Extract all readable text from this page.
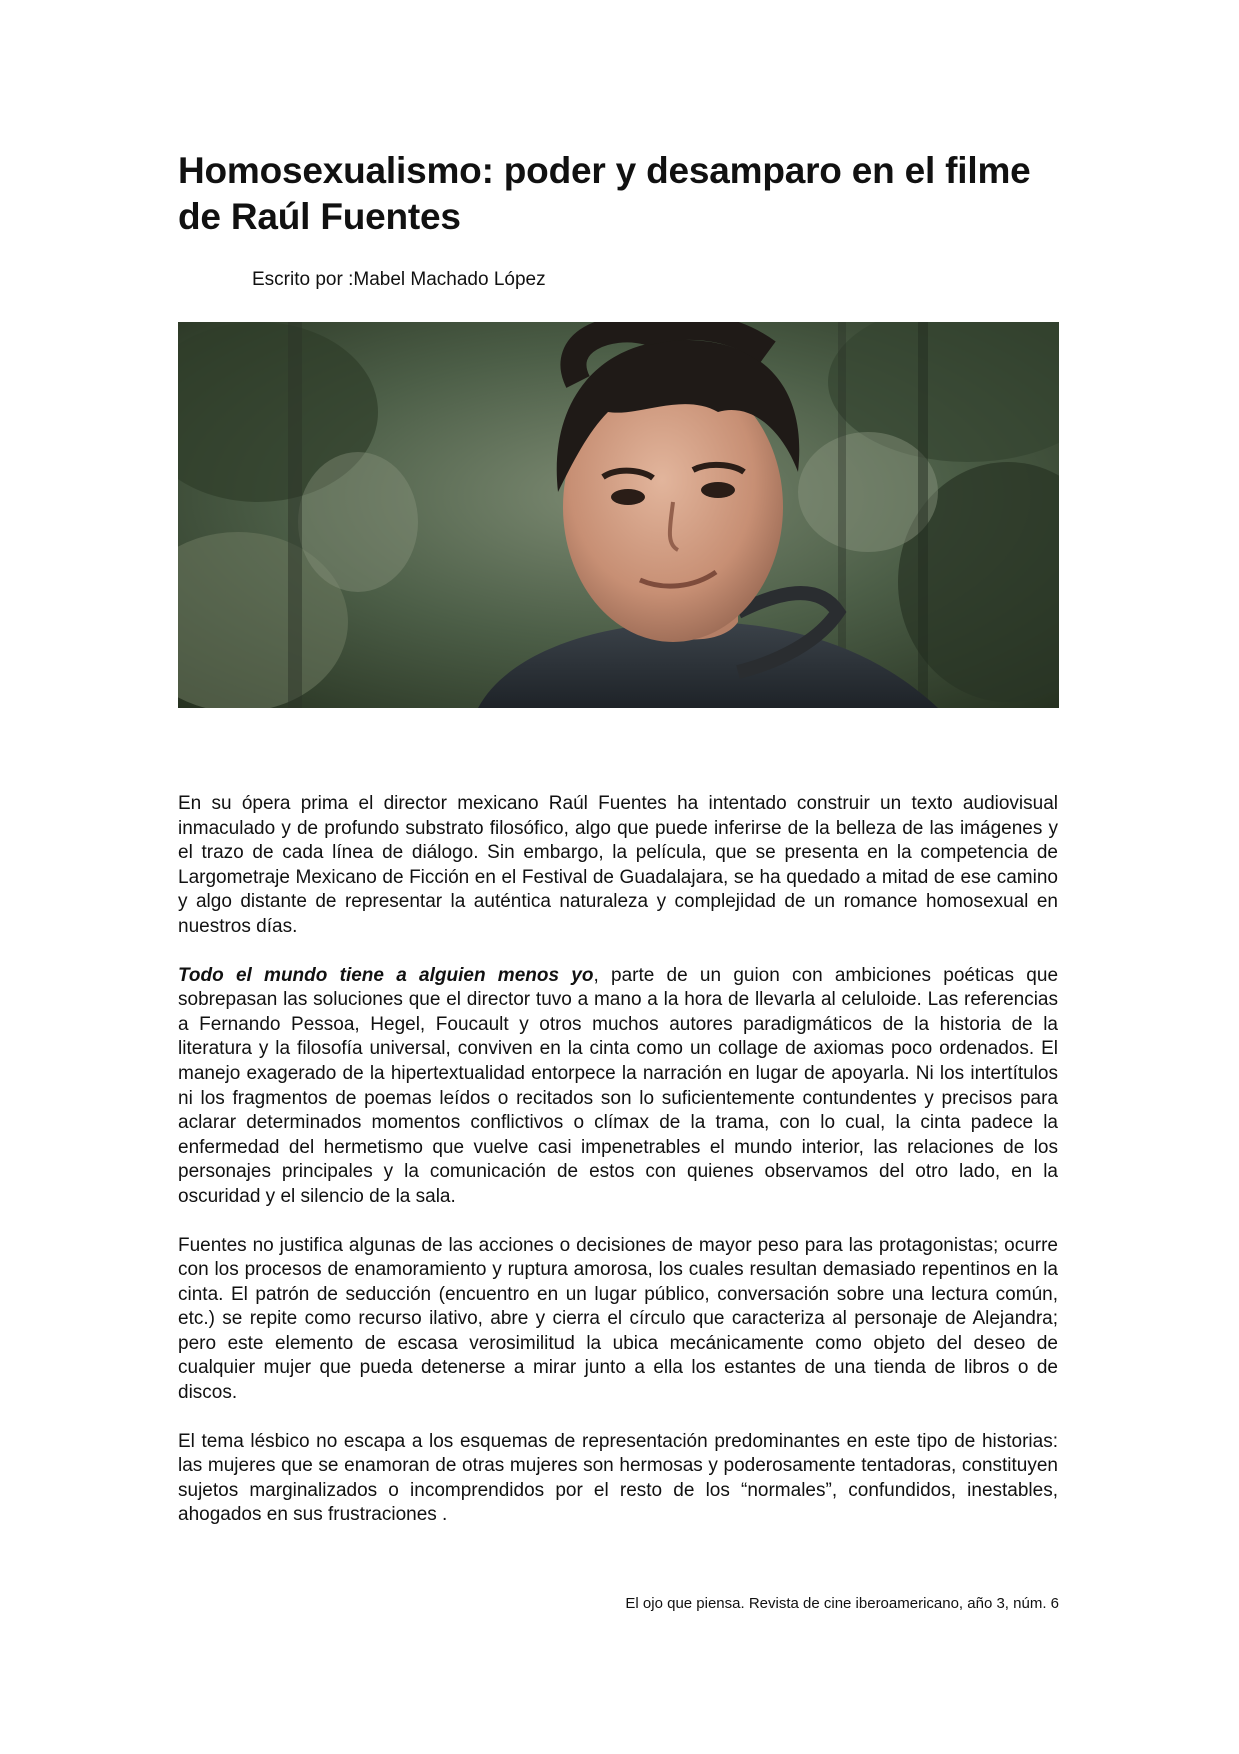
Homosexualismo: poder y desamparo en el filme de Raúl Fuentes

Escrito por :Mabel Machado López

En su ópera prima el director mexicano Raúl Fuentes ha intentado construir un texto audiovisual inmaculado y de profundo substrato filosófico, algo que puede inferirse de la belleza de las imágenes y el trazo de cada línea de diálogo. Sin embargo, la película, que se presenta en la competencia de Largometraje Mexicano de Ficción en el Festival de Guadalajara, se ha quedado a mitad de ese camino y algo distante de representar la auténtica naturaleza y complejidad de un romance homosexual en nuestros días.

Todo el mundo tiene a alguien menos yo, parte de un guion con ambiciones poéticas que sobrepasan las soluciones que el director tuvo a mano a la hora de llevarla al celuloide. Las referencias a Fernando Pessoa, Hegel, Foucault y otros muchos autores paradigmáticos de la historia de la literatura y la filosofía universal, conviven en la cinta como un collage de axiomas poco ordenados. El manejo exagerado de la hipertextualidad entorpece la narración en lugar de apoyarla. Ni los intertítulos ni los fragmentos de poemas leídos o recitados son lo suficientemente contundentes y precisos para aclarar determinados momentos conflictivos o clímax de la trama, con lo cual, la cinta padece la enfermedad del hermetismo que vuelve casi impenetrables el mundo interior, las relaciones de los personajes principales y la comunicación de estos con quienes observamos del otro lado, en la oscuridad y el silencio de la sala.

Fuentes no justifica algunas de las acciones o decisiones de mayor peso para las protagonistas; ocurre con los procesos de enamoramiento y ruptura amorosa, los cuales resultan demasiado repentinos en la cinta. El patrón de seducción (encuentro en un lugar público, conversación sobre una lectura común, etc.) se repite como recurso ilativo, abre y cierra el círculo que caracteriza al personaje de Alejandra; pero este elemento de escasa verosimilitud la ubica mecánicamente como objeto del deseo de cualquier mujer que pueda detenerse a mirar junto a ella los estantes de una tienda de libros o de discos.

El tema lésbico no escapa a los esquemas de representación predominantes en este tipo de historias: las mujeres que se enamoran de otras mujeres son hermosas y poderosamente tentadoras, constituyen sujetos marginalizados o incomprendidos por el resto de los “normales”, confundidos, inestables, ahogados en sus frustraciones .

El ojo que piensa. Revista de cine iberoamericano, año 3, núm. 6
